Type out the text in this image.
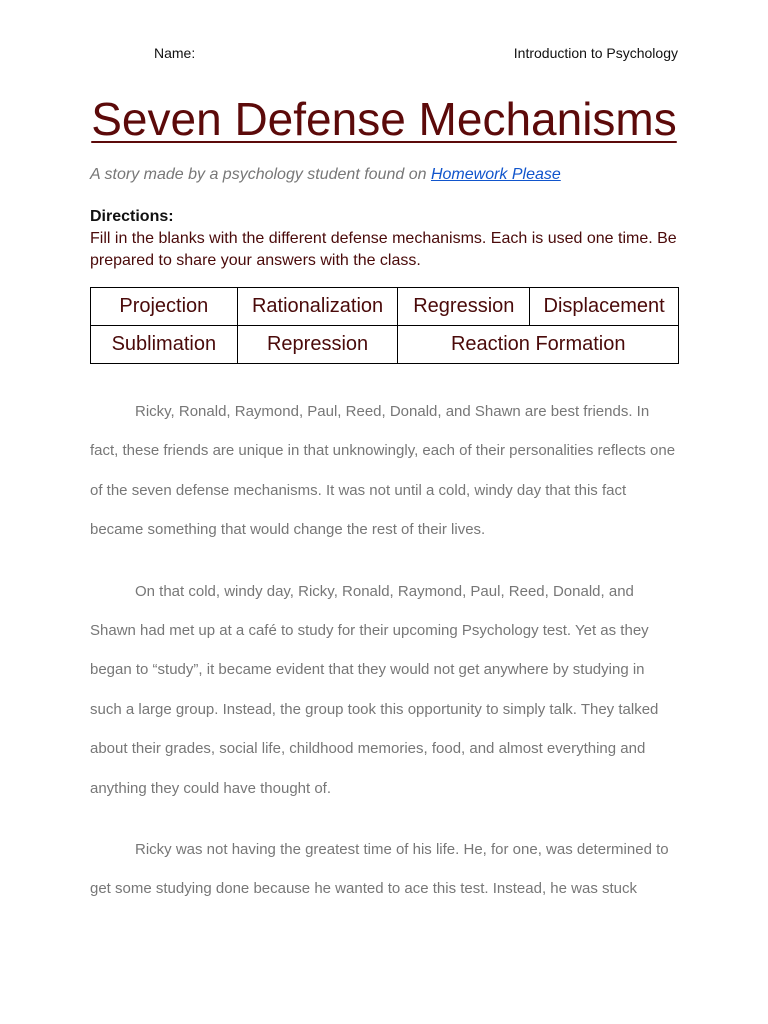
Name:	Introduction to Psychology
Seven Defense Mechanisms
A story made by a psychology student found on Homework Please
Directions:
Fill in the blanks with the different defense mechanisms. Each is used one time. Be prepared to share your answers with the class.
Projection	Rationalization	Regression	Displacement
Sublimation	Repression	Reaction Formation	

Ricky, Ronald, Raymond, Paul, Reed, Donald, and Shawn are best friends. In fact, these friends are unique in that unknowingly, each of their personalities reflects one of the seven defense mechanisms. It was not until a cold, windy day that this fact became something that would change the rest of their lives.

On that cold, windy day, Ricky, Ronald, Raymond, Paul, Reed, Donald, and Shawn had met up at a café to study for their upcoming Psychology test. Yet as they began to “study”, it became evident that they would not get anywhere by studying in such a large group. Instead, the group took this opportunity to simply talk. They talked about their grades, social life, childhood memories, food, and almost everything and anything they could have thought of.

Ricky was not having the greatest time of his life. He, for one, was determined to get some studying done because he wanted to ace this test. Instead, he was stuck
